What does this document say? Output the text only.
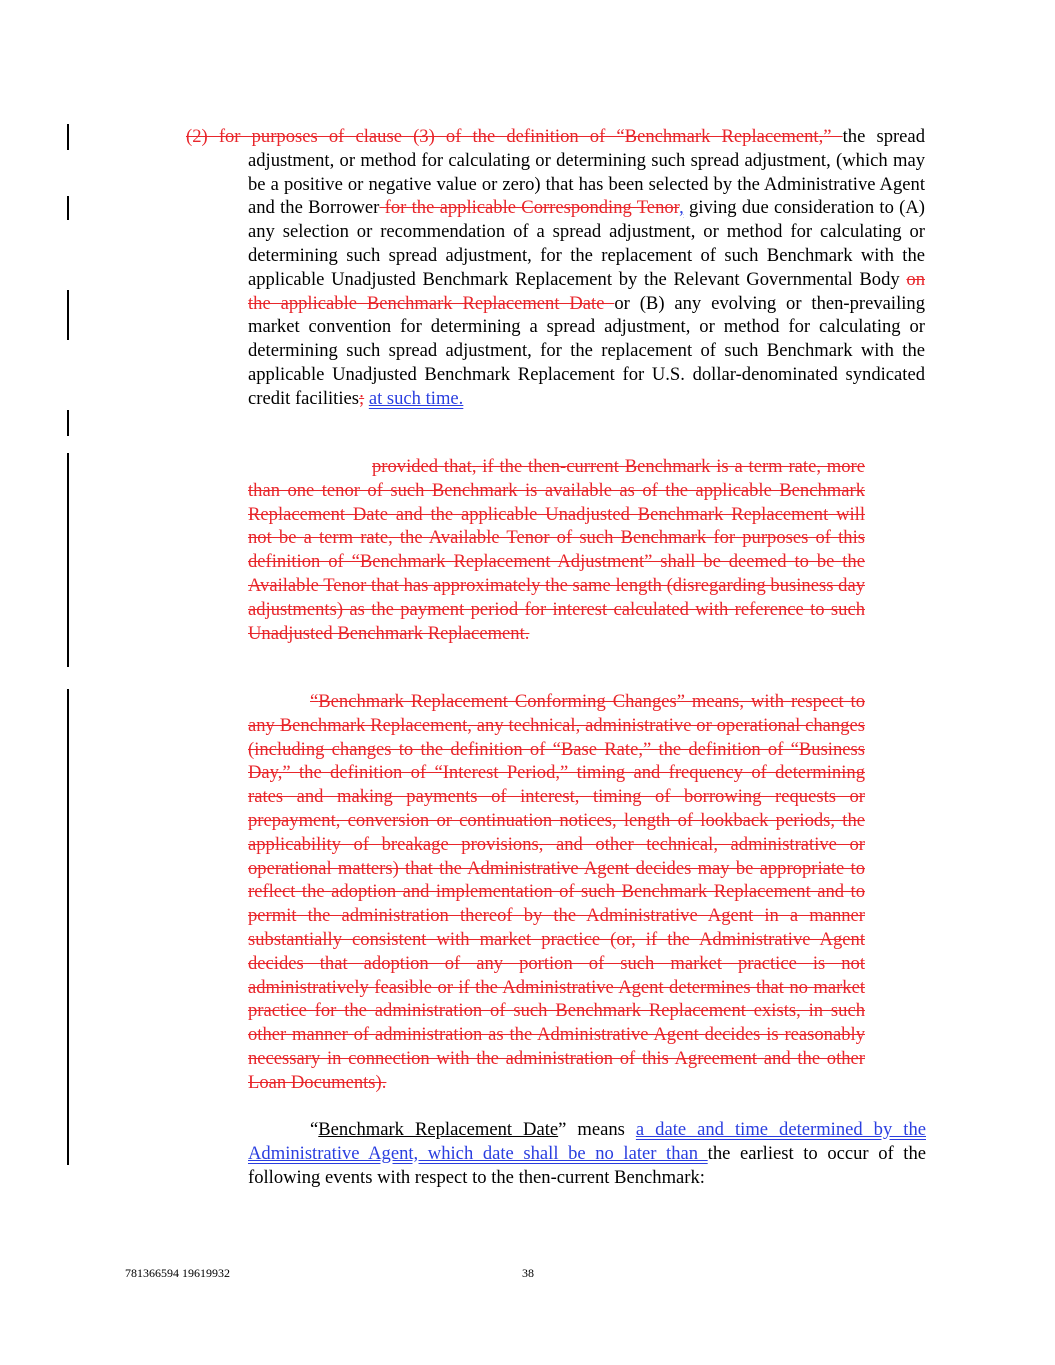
(2) for purposes of clause (3) of the definition of “Benchmark Replacement,” the spread adjustment, or method for calculating or determining such spread adjustment, (which may be a positive or negative value or zero) that has been selected by the Administrative Agent and the Borrower for the applicable Corresponding Tenor, giving due consideration to (A) any selection or recommendation of a spread adjustment, or method for calculating or determining such spread adjustment, for the replacement of such Benchmark with the applicable Unadjusted Benchmark Replacement by the Relevant Governmental Body on the applicable Benchmark Replacement Date or (B) any evolving or then-prevailing market convention for determining a spread adjustment, or method for calculating or determining such spread adjustment, for the replacement of such Benchmark with the applicable Unadjusted Benchmark Replacement for U.S. dollar-denominated syndicated credit facilities; at such time.
provided that, if the then-current Benchmark is a term rate, more than one tenor of such Benchmark is available as of the applicable Benchmark Replacement Date and the applicable Unadjusted Benchmark Replacement will not be a term rate, the Available Tenor of such Benchmark for purposes of this definition of “Benchmark Replacement Adjustment” shall be deemed to be the Available Tenor that has approximately the same length (disregarding business day adjustments) as the payment period for interest calculated with reference to such Unadjusted Benchmark Replacement.
“Benchmark Replacement Conforming Changes” means, with respect to any Benchmark Replacement, any technical, administrative or operational changes (including changes to the definition of “Base Rate,” the definition of “Business Day,” the definition of “Interest Period,” timing and frequency of determining rates and making payments of interest, timing of borrowing requests or prepayment, conversion or continuation notices, length of lookback periods, the applicability of breakage provisions, and other technical, administrative or operational matters) that the Administrative Agent decides may be appropriate to reflect the adoption and implementation of such Benchmark Replacement and to permit the administration thereof by the Administrative Agent in a manner substantially consistent with market practice (or, if the Administrative Agent decides that adoption of any portion of such market practice is not administratively feasible or if the Administrative Agent determines that no market practice for the administration of such Benchmark Replacement exists, in such other manner of administration as the Administrative Agent decides is reasonably necessary in connection with the administration of this Agreement and the other Loan Documents).
“Benchmark Replacement Date” means a date and time determined by the Administrative Agent, which date shall be no later than the earliest to occur of the following events with respect to the then-current Benchmark:
781366594 19619932	38
